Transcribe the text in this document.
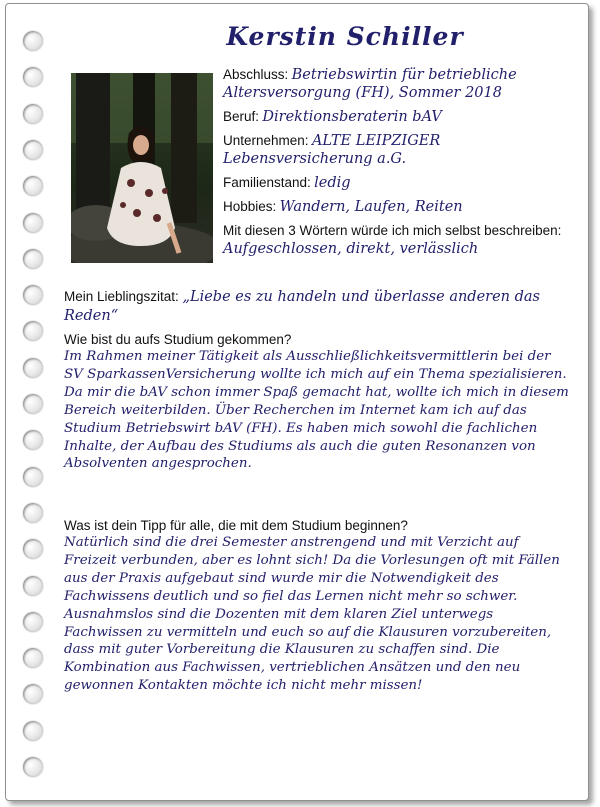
Kerstin Schiller
Abschluss: Betriebswirtin für betriebliche Altersversorgung (FH), Sommer 2018
Beruf: Direktionsberaterin bAV
Unternehmen: ALTE LEIPZIGER Lebensversicherung a.G.
Familienstand: ledig
Hobbies: Wandern, Laufen, Reiten
Mit diesen 3 Wörtern würde ich mich selbst beschreiben: Aufgeschlossen, direkt, verlässlich
Mein Lieblingszitat: „Liebe es zu handeln und überlasse anderen das Reden“
Wie bist du aufs Studium gekommen?
Im Rahmen meiner Tätigkeit als Ausschließlichkeitsvermittlerin bei der SV SparkassenVersicherung wollte ich mich auf ein Thema spezialisieren. Da mir die bAV schon immer Spaß gemacht hat, wollte ich mich in diesem Bereich weiterbilden. Über Recherchen im Internet kam ich auf das Studium Betriebswirt bAV (FH). Es haben mich sowohl die fachlichen Inhalte, der Aufbau des Studiums als auch die guten Resonanzen von Absolventen angesprochen.
Was ist dein Tipp für alle, die mit dem Studium beginnen?
Natürlich sind die drei Semester anstrengend und mit Verzicht auf Freizeit verbunden, aber es lohnt sich! Da die Vorlesungen oft mit Fällen aus der Praxis aufgebaut sind wurde mir die Notwendigkeit des Fachwissens deutlich und so fiel das Lernen nicht mehr so schwer. Ausnahmslos sind die Dozenten mit dem klaren Ziel unterwegs Fachwissen zu vermitteln und euch so auf die Klausuren vorzubereiten, dass mit guter Vorbereitung die Klausuren zu schaffen sind. Die Kombination aus Fachwissen, vertrieblichen Ansätzen und den neu gewonnen Kontakten möchte ich nicht mehr missen!
